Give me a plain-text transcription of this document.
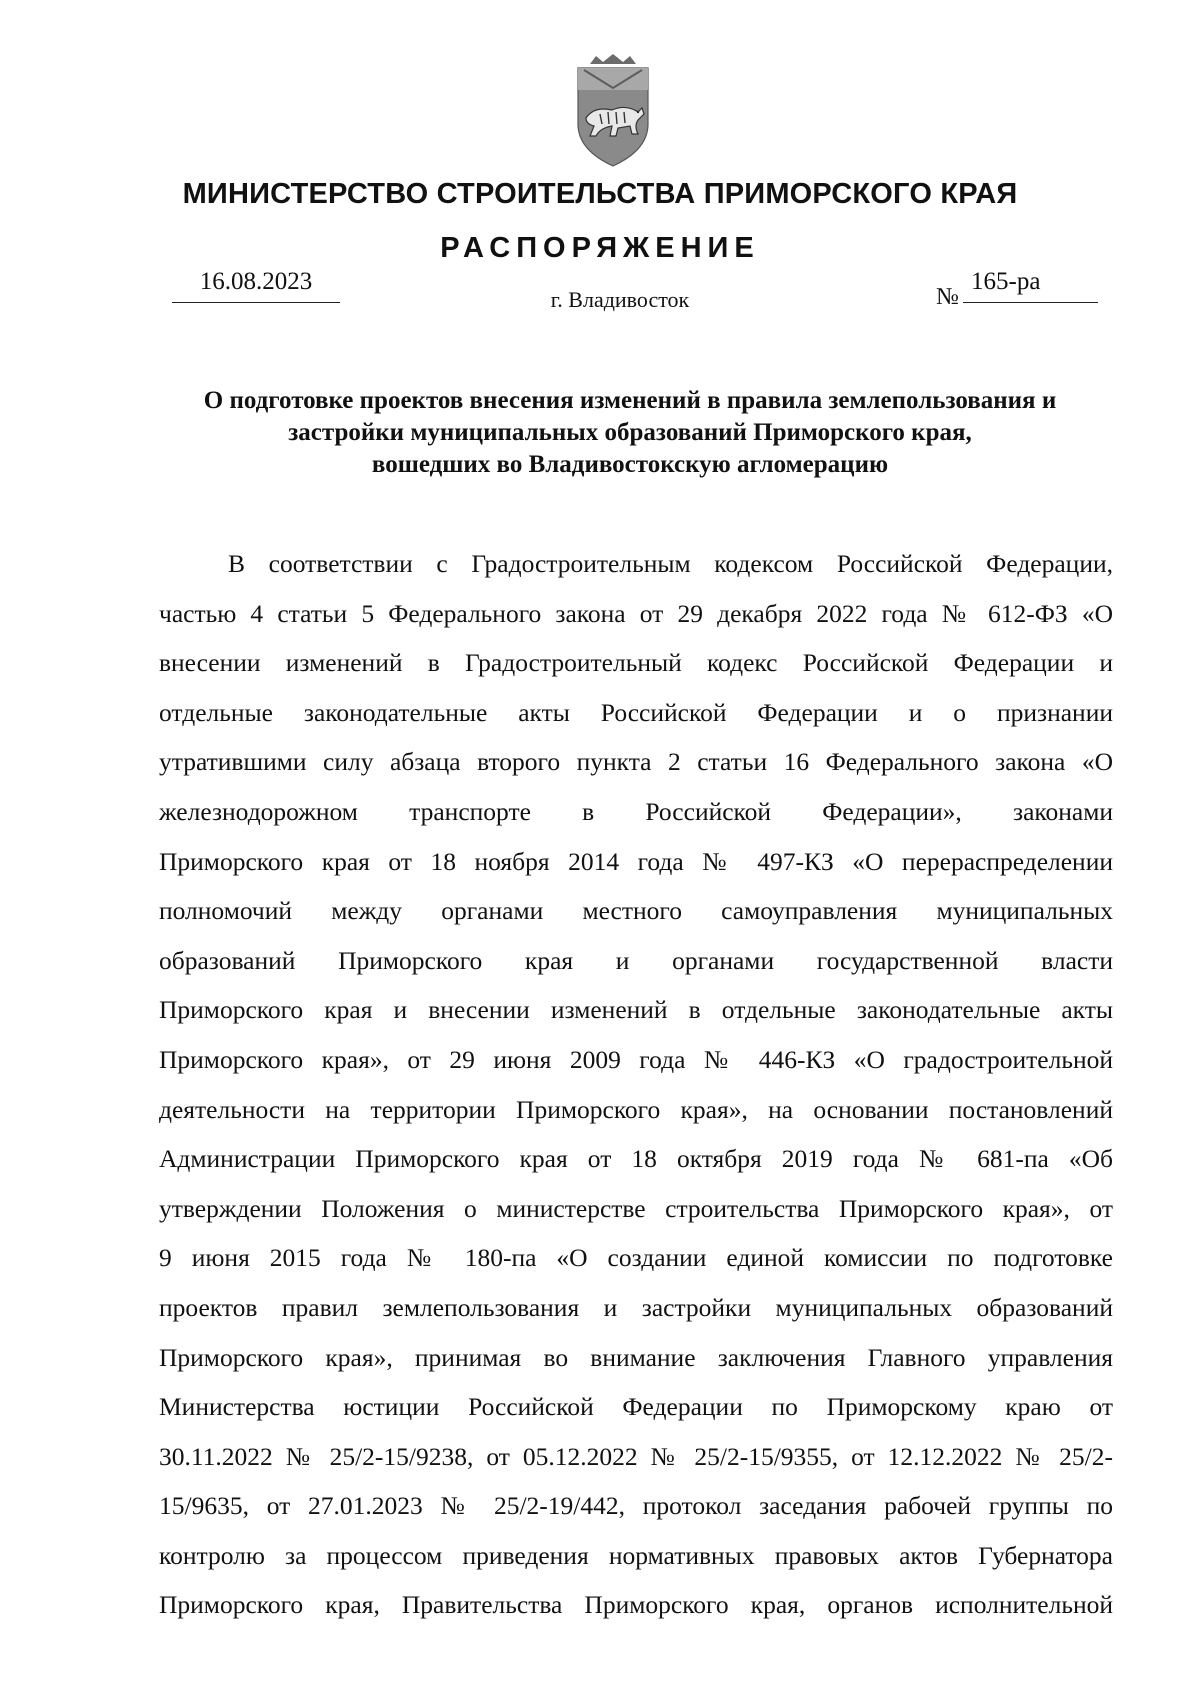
МИНИСТЕРСТВО СТРОИТЕЛЬСТВА ПРИМОРСКОГО КРАЯ
РАСПОРЯЖЕНИЕ
16.08.2023
г. Владивосток	№
165-ра
О подготовке проектов внесения изменений в правила землепользования и
застройки муниципальных образований Приморского края,
вошедших во Владивостокскую агломерацию
В соответствии с Градостроительным кодексом Российской Федерации,
частью 4 статьи 5 Федерального закона от 29 декабря 2022 года № 612-ФЗ «О
внесении изменений в Градостроительный кодекс Российской Федерации и
отдельные законодательные акты Российской Федерации и о признании
утратившими силу абзаца второго пункта 2 статьи 16 Федерального закона «О
железнодорожном транспорте в Российской Федерации», законами
Приморского края от 18 ноября 2014 года № 497-КЗ «О перераспределении
полномочий между органами местного самоуправления муниципальных
образований Приморского края и органами государственной власти
Приморского края и внесении изменений в отдельные законодательные акты
Приморского края», от 29 июня 2009 года № 446-КЗ «О градостроительной
деятельности на территории Приморского края», на основании постановлений
Администрации Приморского края от 18 октября 2019 года № 681-па «Об
утверждении Положения о министерстве строительства Приморского края», от
9 июня 2015 года № 180-па «О создании единой комиссии по подготовке
проектов правил землепользования и застройки муниципальных образований
Приморского края», принимая во внимание заключения Главного управления
Министерства юстиции Российской Федерации по Приморскому краю от
30.11.2022 № 25/2-15/9238, от 05.12.2022 № 25/2-15/9355, от 12.12.2022 № 25/2-
15/9635, от 27.01.2023 № 25/2-19/442, протокол заседания рабочей группы по
контролю за процессом приведения нормативных правовых актов Губернатора
Приморского края, Правительства Приморского края, органов исполнительной
